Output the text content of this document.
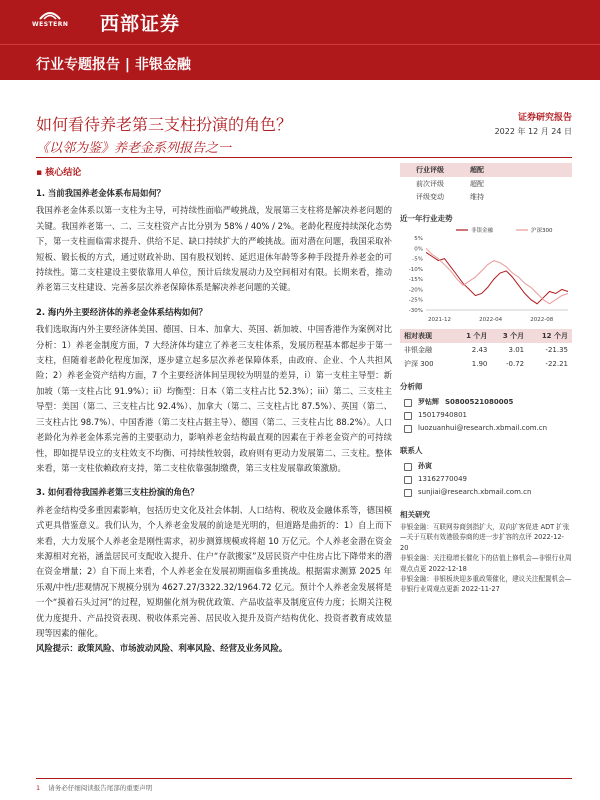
WESTERN 西部证券
行业专题报告 | 非银金融
如何看待养老第三支柱扮演的角色？
《以邻为鉴》养老金系列报告之一
证券研究报告
2022 年 12 月 24 日
▪ 核心结论

1. 当前我国养老金体系布局如何？

我国养老金体系以第一支柱为主导，可持续性面临严峻挑战，发展第三支柱将是解决养老问题的关键。我国养老第一、二、三支柱资产占比分别为 58% / 40% / 2%。老龄化程度持续深化态势下，第一支柱面临需求提升、供给不足、缺口持续扩大的严峻挑战。面对潜在问题，我国采取补短板、锻长板的方式，通过财政补助、国有股权划转、延迟退休年龄等多种手段提升养老金的可持续性。第二支柱建设主要依靠用人单位，预计后续发展动力及空间相对有限。长期来看，推动养老第三支柱建设、完善多层次养老保障体系是解决养老问题的关键。

2. 海内外主要经济体的养老金体系结构如何？

我们选取海内外主要经济体美国、德国、日本、加拿大、英国、新加坡、中国香港作为案例对比分析：1）养老金制度方面，7 大经济体均建立了养老三支柱体系，发展历程基本都起步于第一支柱，但随着老龄化程度加深，逐步建立起多层次养老保障体系，由政府、企业、个人共担风险；2）养老金资产结构方面，7 个主要经济体间呈现较为明显的差异，i）第一支柱主导型：新加坡（第一支柱占比 91.9%）；ii）均衡型：日本（第二支柱占比 52.3%）；iii）第二、三支柱主导型：美国（第二、三支柱占比 92.4%）、加拿大（第二、三支柱占比 87.5%）、英国（第二、三支柱占比 98.7%）、中国香港（第二支柱占据主导）、德国（第二、三支柱占比 88.2%）。人口老龄化为养老金体系完善的主要驱动力，影响养老金结构最直观的因素在于养老金资产的可持续性，即如提早设立的支柱效支不均衡、可持续性较弱，政府则有更动力发展第二、三支柱。整体来看，第一支柱依赖政府支持，第二支柱依靠强制缴费，第三支柱发展靠政策激励。

3. 如何看待我国养老第三支柱扮演的角色？

养老金结构受多重因素影响，包括历史文化及社会体制、人口结构、税收及金融体系等，德国模式更具借鉴意义。我们认为，个人养老金发展的前途是光明的，但道路是曲折的：1）自上而下来看，大力发展个人养老金是刚性需求，初步测算规模或将超 10 万亿元。个人养老金潜在资金来源相对充裕，涵盖居民可支配收入提升、住户“存款搬家”及居民资产中住房占比下降带来的潜在资金增量；2）自下而上来看，个人养老金在发展初期面临多重挑战。根据需求测算 2025 年乐观/中性/悲观情况下规模分别为 4627.27/3322.32/1964.72 亿元。预计个人养老金发展将是一个“摸着石头过河”的过程，短期催化剂为税优政策、产品收益率及制度宣传力度；长期关注税优力度提升、产品投资表现、税收体系完善、居民收入提升及资产结构优化、投资者教育成效显现等因素的催化。

风险提示：政策风险、市场波动风险、利率风险、经营及业务风险。

行业评级	超配
前次评级	超配
评级变动	维持
近一年行业走势
5%
0%
-5%
-10%
-15%
-20%
-25%
-30%
2021-12	2022-04	2022-08
非银金融	沪深300
相对表现	1 个月	3 个月	12 个月
非银金融	2.43	3.01	-21.35
沪深 300	1.90	-0.72	-22.21
分析师
罗钻辉 S0800521080005
15017940801
luozuanhui@research.xbmail.com.cn
联系人
孙寅
13162770049
sunjiai@research.xbmail.com.cn
相关研究
非银金融：互联网券商剑指扩大，双向扩客促进 ADT 扩张—关于互联有效港股券商的进一步扩容的点评 2022-12-20
非银金融：关注稳增长催化下的估值上修机会—非银行业周观点点更 2022-12-18
非银金融：非银板块迎多重政策催化，建议关注配置机会—非银行业周观点更新 2022-11-27
1 请务必仔细阅读报告尾部的重要声明
